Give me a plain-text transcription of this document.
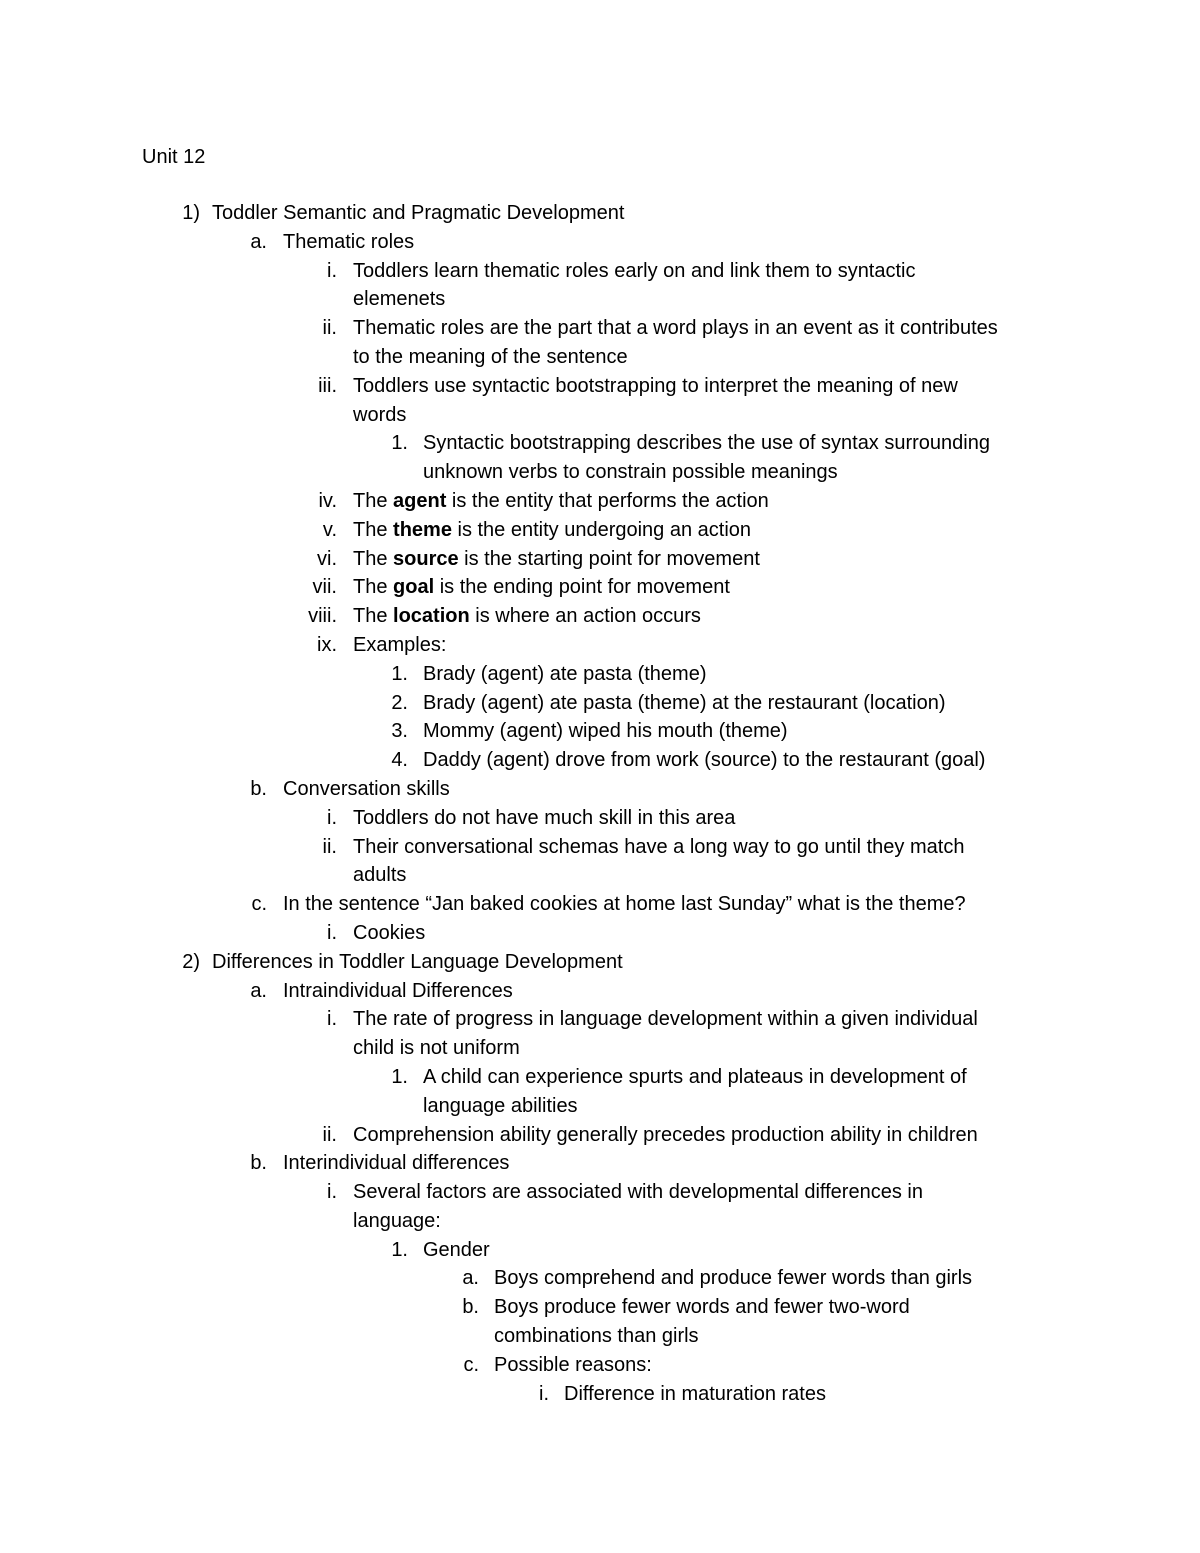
Unit 12
1) Toddler Semantic and Pragmatic Development
a. Thematic roles
i. Toddlers learn thematic roles early on and link them to syntactic
elemenets
ii. Thematic roles are the part that a word plays in an event as it contributes
to the meaning of the sentence
iii. Toddlers use syntactic bootstrapping to interpret the meaning of new
words
1. Syntactic bootstrapping describes the use of syntax surrounding
unknown verbs to constrain possible meanings
iv. The agent is the entity that performs the action
v. The theme is the entity undergoing an action
vi. The source is the starting point for movement
vii. The goal is the ending point for movement
viii. The location is where an action occurs
ix. Examples:
1. Brady (agent) ate pasta (theme)
2. Brady (agent) ate pasta (theme) at the restaurant (location)
3. Mommy (agent) wiped his mouth (theme)
4. Daddy (agent) drove from work (source) to the restaurant (goal)
b. Conversation skills
i. Toddlers do not have much skill in this area
ii. Their conversational schemas have a long way to go until they match
adults
c. In the sentence “Jan baked cookies at home last Sunday” what is the theme?
i. Cookies
2) Differences in Toddler Language Development
a. Intraindividual Differences
i. The rate of progress in language development within a given individual
child is not uniform
1. A child can experience spurts and plateaus in development of
language abilities
ii. Comprehension ability generally precedes production ability in children
b. Interindividual differences
i. Several factors are associated with developmental differences in
language:
1. Gender
a. Boys comprehend and produce fewer words than girls
b. Boys produce fewer words and fewer two-word
combinations than girls
c. Possible reasons:
i. Difference in maturation rates
